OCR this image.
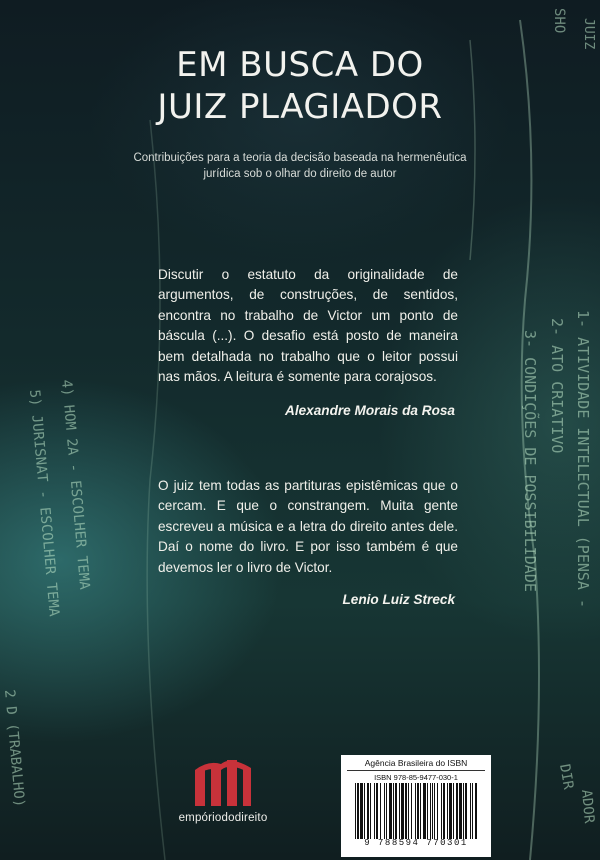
1- ATIVIDADE INTELECTUAL (PENSA -
2- ATO CRIATIVO
3- CONDIÇÕES DE POSSIBILIDADE
4) HOM 2A - ESCOLHER TEMA
5) JURISNAT - ESCOLHER TEMA
2 D (TRABALHO)
SHO JUIZ
DIR
ADOR
EM BUSCA DO
JUIZ PLAGIADOR
Contribuições para a teoria da decisão baseada na hermenêutica jurídica sob o olhar do direito de autor
Discutir o estatuto da originalidade de argumentos, de construções, de sentidos, encontra no trabalho de Victor um ponto de báscula (...). O desafio está posto de maneira bem detalhada no trabalho que o leitor possui nas mãos. A leitura é somente para corajosos.
Alexandre Morais da Rosa
O juiz tem todas as partituras epistêmicas que o cercam. E que o constrangem. Muita gente escreveu a música e a letra do direito antes dele. Daí o nome do livro. E por isso também é que devemos ler o livro de Victor.
Lenio Luiz Streck
empóriododireito
Agência Brasileira do ISBN
ISBN 978-85-9477-030-1
9 788594 770301
